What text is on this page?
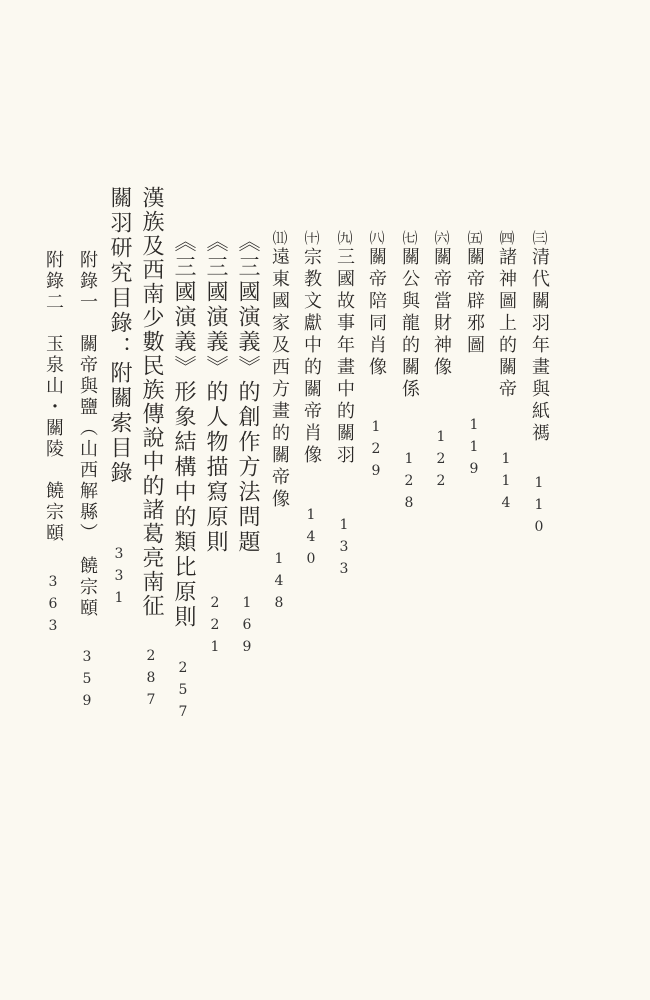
㈢
清代關羽年畫與紙禡
110
㈣
諸神圖上的關帝
114
㈤
關帝辟邪圖
119
㈥
關帝當財神像
122
㈦
關公與龍的關係
128
㈧
關帝陪同肖像
129
㈨
三國故事年畫中的關羽
133
㈩
宗教文獻中的關帝肖像
140
⑾
遠東國家及西方畫的關帝像
148
《三國演義》的創作方法問題
169
《三國演義》的人物描寫原則
221
《三國演義》形象結構中的類比原則
257
漢族及西南少數民族傳說中的諸葛亮南征
287
關羽研究目錄：附關索目錄
331
附錄一　關帝與鹽（山西解縣）　饒宗頤
359
附錄二　玉泉山・關陵　饒宗頤
363
